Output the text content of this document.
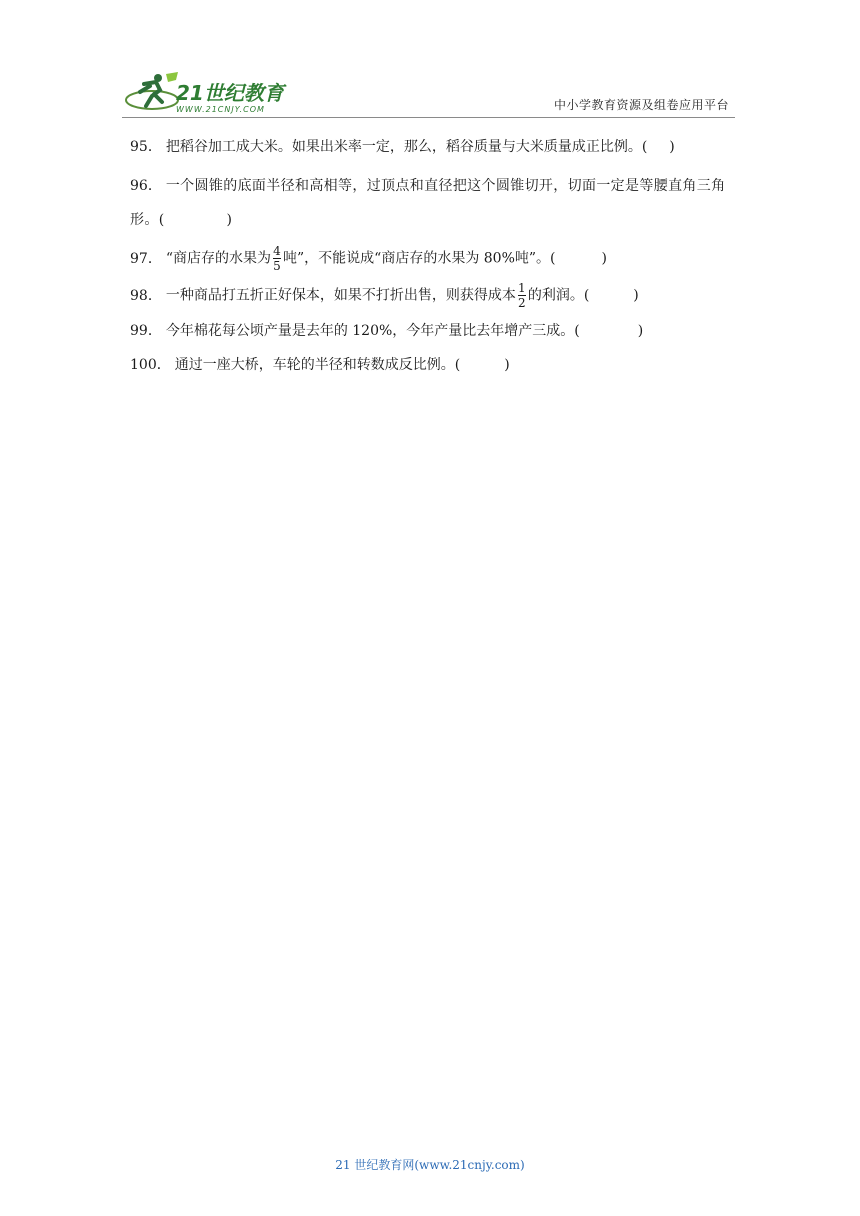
21世纪教育
WWW.21CNJY.COM	中小学教育资源及组卷应用平台

95． 把稻谷加工成大米。如果出米率一定，那么，稻谷质量与大米质量成正比例。( )

96． 一个圆锥的底面半径和高相等，过顶点和直径把这个圆锥切开，切面一定是等腰直角三角形。(	)

97． “商店存的水果为 $\frac{4}{5}$ 吨”，不能说成“商店存的水果为 80%吨”。(	)

98． 一种商品打五折正好保本，如果不打折出售，则获得成本 $\frac{1}{2}$ 的利润。(	)

99． 今年棉花每公顷产量是去年的 120%，今年产量比去年增产三成。(	)

100． 通过一座大桥，车轮的半径和转数成反比例。(	)

21 世纪教育网(www.21cnjy.com)
